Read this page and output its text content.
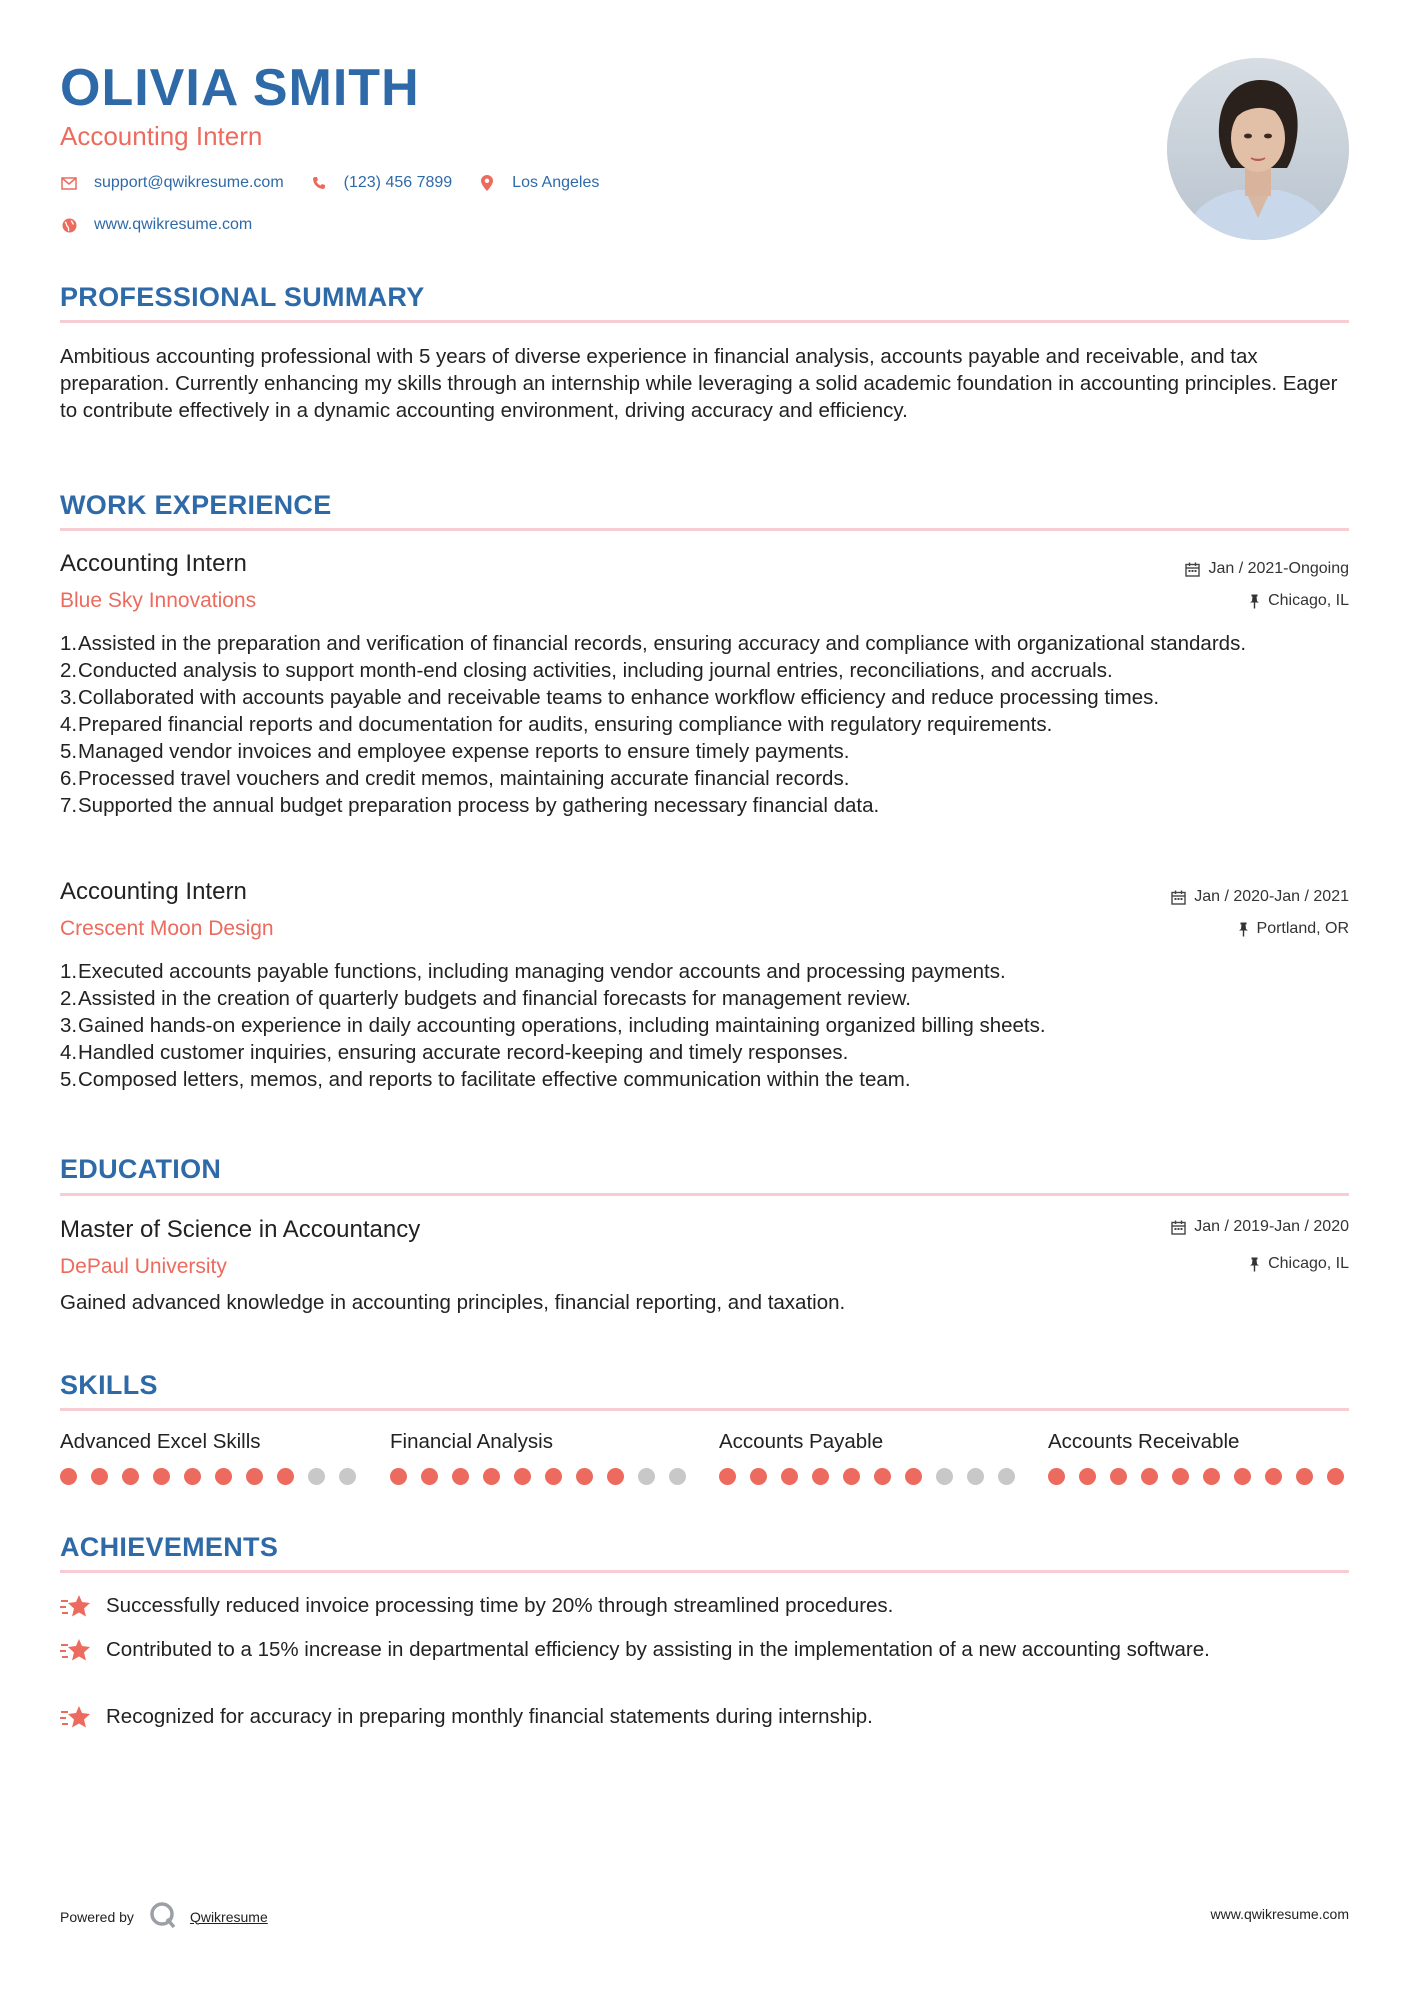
OLIVIA SMITH
Accounting Intern
support@qwikresume.com	(123) 456 7899	Los Angeles
www.qwikresume.com
PROFESSIONAL SUMMARY
Ambitious accounting professional with 5 years of diverse experience in financial analysis, accounts payable and receivable, and tax preparation. Currently enhancing my skills through an internship while leveraging a solid academic foundation in accounting principles. Eager to contribute effectively in a dynamic accounting environment, driving accuracy and efficiency.
WORK EXPERIENCE
Accounting Intern
Blue Sky Innovations
Jan / 2021-Ongoing
Chicago, IL
1. Assisted in the preparation and verification of financial records, ensuring accuracy and compliance with organizational standards.
2. Conducted analysis to support month-end closing activities, including journal entries, reconciliations, and accruals.
3. Collaborated with accounts payable and receivable teams to enhance workflow efficiency and reduce processing times.
4. Prepared financial reports and documentation for audits, ensuring compliance with regulatory requirements.
5. Managed vendor invoices and employee expense reports to ensure timely payments.
6. Processed travel vouchers and credit memos, maintaining accurate financial records.
7. Supported the annual budget preparation process by gathering necessary financial data.
Accounting Intern
Crescent Moon Design
Jan / 2020-Jan / 2021
Portland, OR
1. Executed accounts payable functions, including managing vendor accounts and processing payments.
2. Assisted in the creation of quarterly budgets and financial forecasts for management review.
3. Gained hands-on experience in daily accounting operations, including maintaining organized billing sheets.
4. Handled customer inquiries, ensuring accurate record-keeping and timely responses.
5. Composed letters, memos, and reports to facilitate effective communication within the team.
EDUCATION
Master of Science in Accountancy
DePaul University
Jan / 2019-Jan / 2020
Chicago, IL
Gained advanced knowledge in accounting principles, financial reporting, and taxation.
SKILLS
Advanced Excel Skills	Financial Analysis	Accounts Payable	Accounts Receivable
ACHIEVEMENTS
Successfully reduced invoice processing time by 20% through streamlined procedures.
Contributed to a 15% increase in departmental efficiency by assisting in the implementation of a new accounting software.
Recognized for accuracy in preparing monthly financial statements during internship.
Powered by	Qwikresume	www.qwikresume.com
